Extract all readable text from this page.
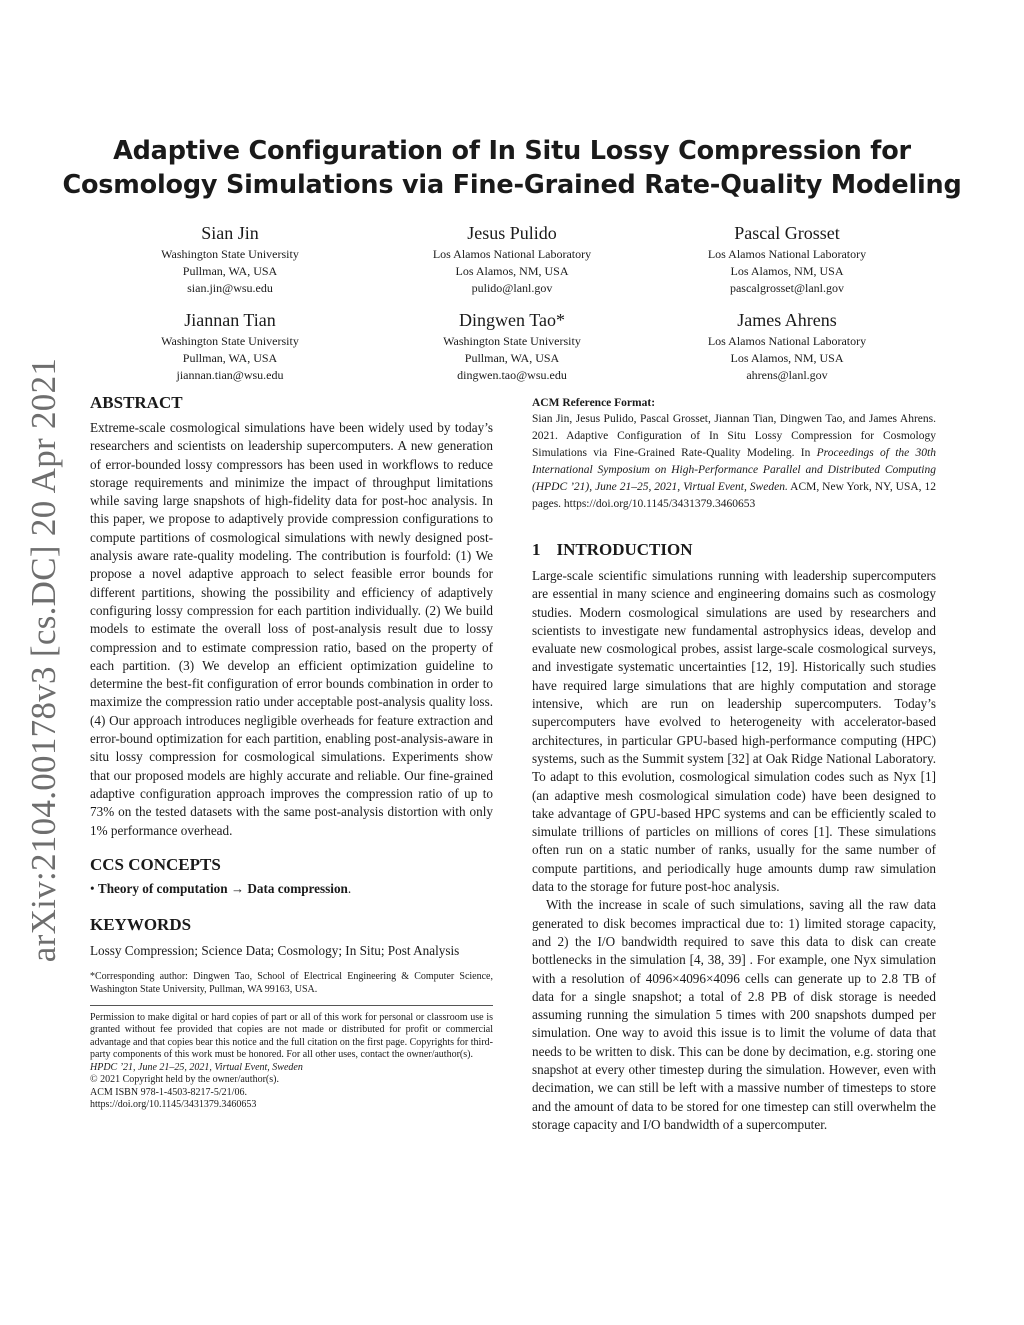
arXiv:2104.00178v3 [cs.DC] 20 Apr 2021
Adaptive Configuration of In Situ Lossy Compression for
Cosmology Simulations via Fine-Grained Rate-Quality Modeling
Sian Jin
Washington State University
Pullman, WA, USA
sian.jin@wsu.edu
Jesus Pulido
Los Alamos National Laboratory
Los Alamos, NM, USA
pulido@lanl.gov
Pascal Grosset
Los Alamos National Laboratory
Los Alamos, NM, USA
pascalgrosset@lanl.gov
Jiannan Tian
Washington State University
Pullman, WA, USA
jiannan.tian@wsu.edu
Dingwen Tao*
Washington State University
Pullman, WA, USA
dingwen.tao@wsu.edu
James Ahrens
Los Alamos National Laboratory
Los Alamos, NM, USA
ahrens@lanl.gov
ABSTRACT

Extreme-scale cosmological simulations have been widely used by today’s researchers and scientists on leadership supercomputers. A new generation of error-bounded lossy compressors has been used in workflows to reduce storage requirements and minimize the impact of throughput limitations while saving large snapshots of high-fidelity data for post-hoc analysis. In this paper, we propose to adaptively provide compression configurations to compute partitions of cosmological simulations with newly designed post-analysis aware rate-quality modeling. The contribution is fourfold: (1) We propose a novel adaptive approach to select feasible error bounds for different partitions, showing the possibility and efficiency of adaptively configuring lossy compression for each partition individually. (2) We build models to estimate the overall loss of post-analysis result due to lossy compression and to estimate compression ratio, based on the property of each partition. (3) We develop an efficient optimization guideline to determine the best-fit configuration of error bounds combination in order to maximize the compression ratio under acceptable post-analysis quality loss. (4) Our approach introduces negligible overheads for feature extraction and error-bound optimization for each partition, enabling post-analysis-aware in situ lossy compression for cosmological simulations. Experiments show that our proposed models are highly accurate and reliable. Our fine-grained adaptive configuration approach improves the compression ratio of up to 73% on the tested datasets with the same post-analysis distortion with only 1% performance overhead.

CCS CONCEPTS
• Theory of computation → Data compression.
KEYWORDS
Lossy Compression; Science Data; Cosmology; In Situ; Post Analysis
*Corresponding author: Dingwen Tao, School of Electrical Engineering & Computer Science, Washington State University, Pullman, WA 99163, USA.
Permission to make digital or hard copies of part or all of this work for personal or classroom use is granted without fee provided that copies are not made or distributed for profit or commercial advantage and that copies bear this notice and the full citation on the first page. Copyrights for third-party components of this work must be honored. For all other uses, contact the owner/author(s).
HPDC ’21, June 21–25, 2021, Virtual Event, Sweden
© 2021 Copyright held by the owner/author(s).
ACM ISBN 978-1-4503-8217-5/21/06.
https://doi.org/10.1145/3431379.3460653
ACM Reference Format:
Sian Jin, Jesus Pulido, Pascal Grosset, Jiannan Tian, Dingwen Tao, and James Ahrens. 2021. Adaptive Configuration of In Situ Lossy Compression for Cosmology Simulations via Fine-Grained Rate-Quality Modeling. In Proceedings of the 30th International Symposium on High-Performance Parallel and Distributed Computing (HPDC ’21), June 21–25, 2021, Virtual Event, Sweden. ACM, New York, NY, USA, 12 pages. https://doi.org/10.1145/3431379.3460653
1 INTRODUCTION

Large-scale scientific simulations running with leadership supercomputers are essential in many science and engineering domains such as cosmology studies. Modern cosmological simulations are used by researchers and scientists to investigate new fundamental astrophysics ideas, develop and evaluate new cosmological probes, assist large-scale cosmological surveys, and investigate systematic uncertainties [12, 19]. Historically such studies have required large simulations that are highly computation and storage intensive, which are run on leadership supercomputers. Today’s supercomputers have evolved to heterogeneity with accelerator-based architectures, in particular GPU-based high-performance computing (HPC) systems, such as the Summit system [32] at Oak Ridge National Laboratory. To adapt to this evolution, cosmological simulation codes such as Nyx [1] (an adaptive mesh cosmological simulation code) have been designed to take advantage of GPU-based HPC systems and can be efficiently scaled to simulate trillions of particles on millions of cores [1]. These simulations often run on a static number of ranks, usually for the same number of compute partitions, and periodically huge amounts dump raw simulation data to the storage for future post-hoc analysis.

With the increase in scale of such simulations, saving all the raw data generated to disk becomes impractical due to: 1) limited storage capacity, and 2) the I/O bandwidth required to save this data to disk can create bottlenecks in the simulation [4, 38, 39] . For example, one Nyx simulation with a resolution of 4096×4096×4096 cells can generate up to 2.8 TB of data for a single snapshot; a total of 2.8 PB of disk storage is needed assuming running the simulation 5 times with 200 snapshots dumped per simulation. One way to avoid this issue is to limit the volume of data that needs to be written to disk. This can be done by decimation, e.g. storing one snapshot at every other timestep during the simulation. However, even with decimation, we can still be left with a massive number of timesteps to store and the amount of data to be stored for one timestep can still overwhelm the storage capacity and I/O bandwidth of a supercomputer.
